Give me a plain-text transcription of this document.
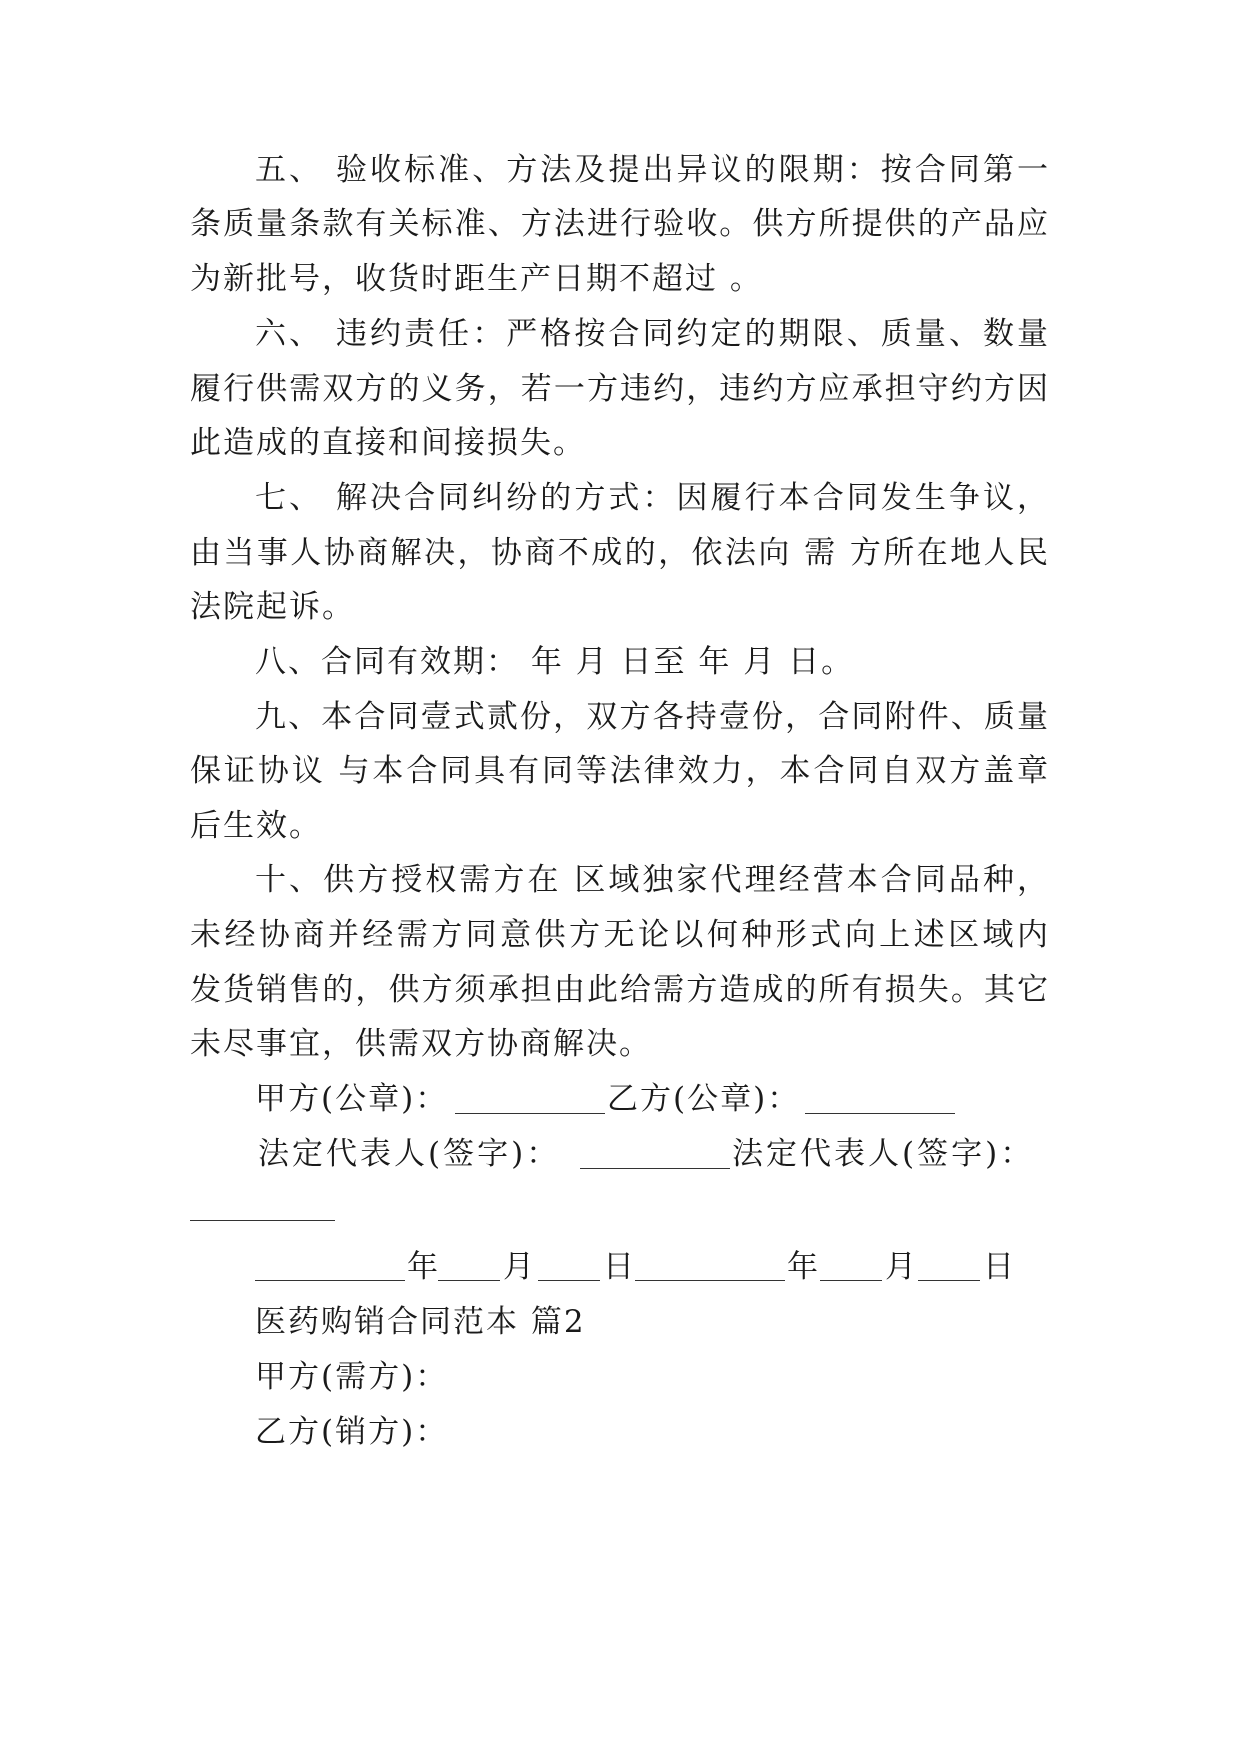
五、 验收标准、方法及提出异议的限期：按合同第一
条质量条款有关标准、方法进行验收。供方所提供的产品应
为新批号，收货时距生产日期不超过 。
六、 违约责任：严格按合同约定的期限、质量、数量
履行供需双方的义务，若一方违约，违约方应承担守约方因
此造成的直接和间接损失。
七、 解决合同纠纷的方式：因履行本合同发生争议，
由当事人协商解决，协商不成的，依法向 需 方所在地人民
法院起诉。
八、合同有效期： 年 月 日至 年 月 日。
九、本合同壹式贰份，双方各持壹份，合同附件、质量
保证协议 与本合同具有同等法律效力，本合同自双方盖章
后生效。
十、供方授权需方在 区域独家代理经营本合同品种，
未经协商并经需方同意供方无论以何种形式向上述区域内
发货销售的，供方须承担由此给需方造成的所有损失。其它
未尽事宜，供需双方协商解决。
甲方(公章)：	乙方(公章)：
法定代表人(签字)：	法定代表人(签字)：
年 月 日	年 月 日
医药购销合同范本 篇2
甲方(需方)：
乙方(销方)：
